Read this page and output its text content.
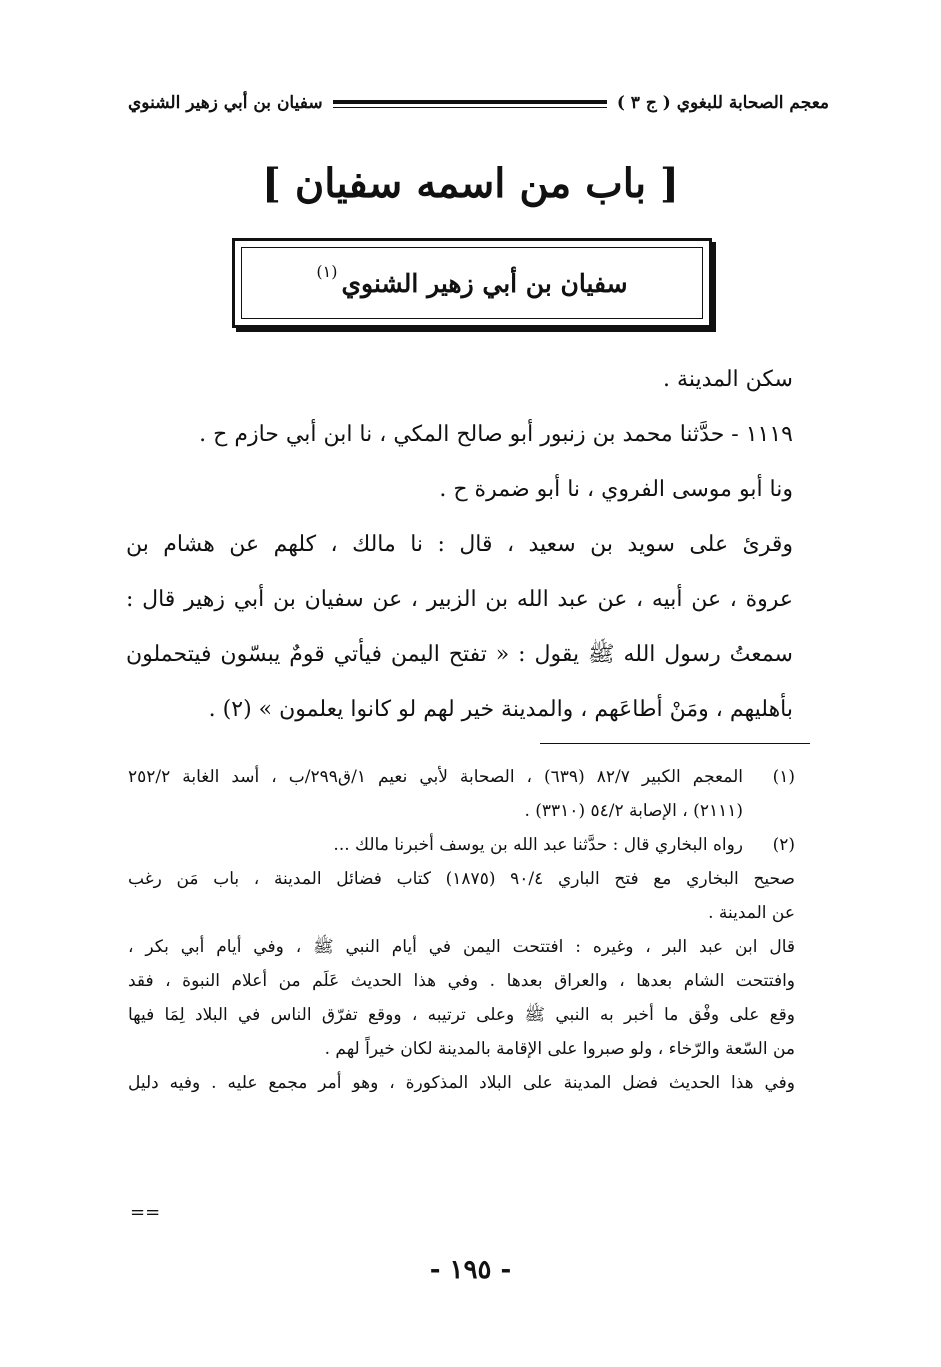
معجم الصحابة للبغوي ( ج ٣ )
سفيان بن أبي زهير الشنوي
[ باب من اسمه سفيان ]
سفيان بن أبي زهير الشنوي
(١)

سكن المدينة .

١١١٩ - حدَّثنا محمد بن زنبور أبو صالح المكي ، نا ابن أبي حازم ح .

ونا أبو موسى الفروي ، نا أبو ضمرة ح .

وقرئ على سويد بن سعيد ، قال : نا مالك ، كلهم عن هشام بن

عروة ، عن أبيه ، عن عبد الله بن الزبير ، عن سفيان بن أبي زهير قال :

سمعتُ رسول الله ﷺ يقول : « تفتح اليمن فيأتي قومٌ يبسّون فيتحملون

بأهليهم ، ومَنْ أطاعَهم ، والمدينة خير لهم لو كانوا يعلمون » (٢) .

(١)

المعجم الكبير ٨٢/٧ (٦٣٩) ، الصحابة لأبي نعيم ١/ق٢٩٩/ب ، أسد الغابة ٢٥٢/٢

(٢١١١) ، الإصابة ٥٤/٢ (٣٣١٠) .

(٢)

رواه البخاري قال : حدَّثنا عبد الله بن يوسف أخبرنا مالك ...

صحيح البخاري مع فتح الباري ٩٠/٤ (١٨٧٥) كتاب فضائل المدينة ، باب مَن رغب

عن المدينة .

قال ابن عبد البر ، وغيره : افتتحت اليمن في أيام النبي ﷺ ، وفي أيام أبي بكر ،

وافتتحت الشام بعدها ، والعراق بعدها . وفي هذا الحديث عَلَم من أعلام النبوة ، فقد

وقع على وفْق ما أخبر به النبي ﷺ وعلى ترتيبه ، ووقع تفرّق الناس في البلاد لِمَا فيها

من السّعة والرّخاء ، ولو صبروا على الإقامة بالمدينة لكان خيراً لهم .

وفي هذا الحديث فضل المدينة على البلاد المذكورة ، وهو أمر مجمع عليه . وفيه دليل

==
- ١٩٥ -
